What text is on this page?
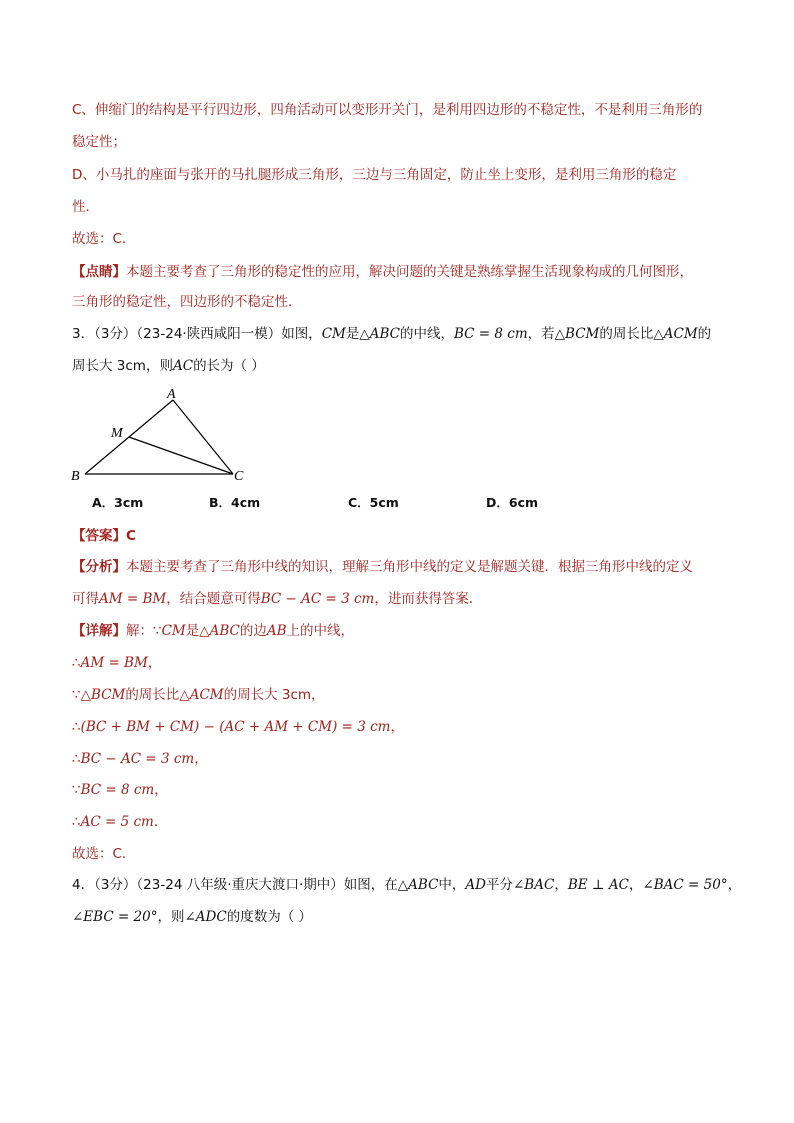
C、伸缩门的结构是平行四边形，四角活动可以变形开关门，是利用四边形的不稳定性，不是利用三角形的
稳定性；
D、小马扎的座面与张开的马扎腿形成三角形，三边与三角固定，防止坐上变形，是利用三角形的稳定
性．
故选：C．
【点睛】本题主要考查了三角形的稳定性的应用，解决问题的关键是熟练掌握生活现象构成的几何图形，
三角形的稳定性，四边形的不稳定性．
3．（3分）（23-24·陕西咸阳一模）如图，CM是△ABC的中线，BC = 8 cm，若△BCM的周长比△ACM的
周长大 3cm，则AC的长为（ ）
A
M
B	C
A．3cm	B．4cm	C．5cm	D．6cm
【答案】C
【分析】本题主要考查了三角形中线的知识，理解三角形中线的定义是解题关键．根据三角形中线的定义
可得AM = BM，结合题意可得BC − AC = 3 cm，进而获得答案．
【详解】解：∵CM是△ABC的边AB上的中线，
∴AM = BM，
∵△BCM的周长比△ACM的周长大 3cm，
∴(BC + BM + CM) − (AC + AM + CM) = 3 cm，
∴BC − AC = 3 cm，
∵BC = 8 cm，
∴AC = 5 cm．
故选：C．
4．（3分）（23-24 八年级·重庆大渡口·期中）如图，在△ABC中，AD平分∠BAC，BE ⊥ AC，∠BAC = 50°，
∠EBC = 20°，则∠ADC的度数为（ ）
